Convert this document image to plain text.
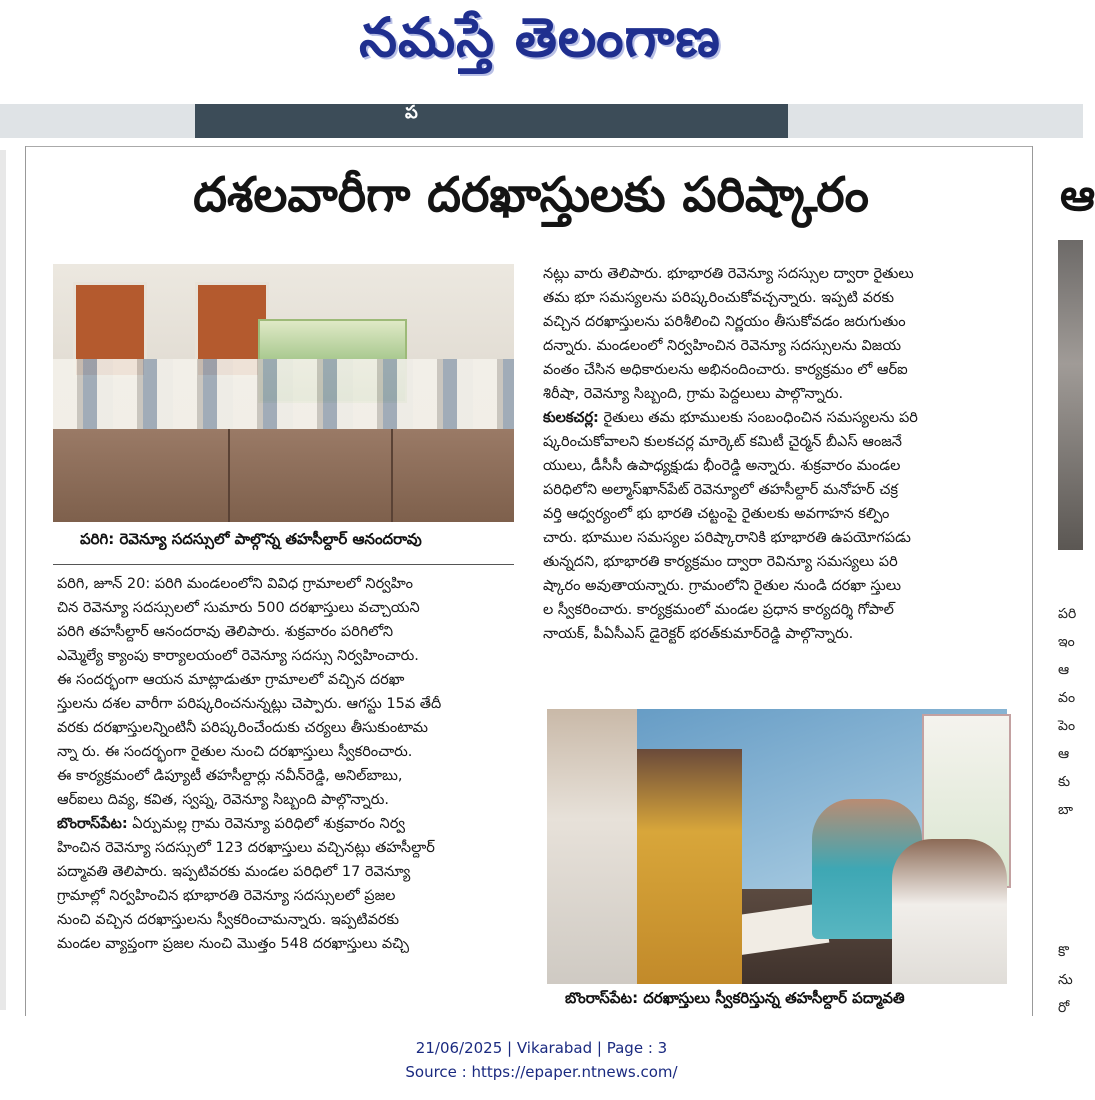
నమస్తే తెలంగాణ
ప
ఆ
పరి
ఇం
ఆ
వం
పెం
ఆ
కు
బా
కొ
ను
రో
దశలవారీగా దరఖాస్తులకు పరిష్కారం
పరిగి: రెవెన్యూ సదస్సులో పాల్గొన్న తహసీల్దార్ ఆనందరావు

పరిగి, జూన్ 20: పరిగి మండలంలోని వివిధ గ్రామాలలో నిర్వహిం

చిన రెవెన్యూ సదస్సులలో సుమారు 500 దరఖాస్తులు వచ్చాయని

పరిగి తహసీల్దార్ ఆనందరావు తెలిపారు. శుక్రవారం పరిగిలోని

ఎమ్మెల్యే క్యాంపు కార్యాలయంలో రెవెన్యూ సదస్సు నిర్వహించారు.

ఈ సందర్భంగా ఆయన మాట్లాడుతూ గ్రామాలలో వచ్చిన దరఖా

స్తులను దశల వారీగా పరిష్కరించనున్నట్లు చెప్పారు. ఆగస్టు 15వ తేదీ

వరకు దరఖాస్తులన్నింటినీ పరిష్కరించేందుకు చర్యలు తీసుకుంటామ

న్నా రు. ఈ సందర్భంగా రైతుల నుంచి దరఖాస్తులు స్వీకరించారు.

ఈ కార్యక్రమంలో డిప్యూటీ తహసీల్దార్లు నవీన్‌రెడ్డి, అనిల్‌బాబు,

ఆర్‌ఐలు దివ్య, కవిత, స్వప్న, రెవెన్యూ సిబ్బంది పాల్గొన్నారు.

బొంరాస్‌పేట: ఏర్పుమల్ల గ్రామ రెవెన్యూ పరిధిలో శుక్రవారం నిర్వ

హించిన రెవెన్యూ సదస్సులో 123 దరఖాస్తులు వచ్చినట్లు తహసీల్దార్

పద్మావతి తెలిపారు. ఇప్పటివరకు మండల పరిధిలో 17 రెవెన్యూ

గ్రామాల్లో నిర్వహించిన భూభారతి రెవెన్యూ సదస్సులలో ప్రజల

నుంచి వచ్చిన దరఖాస్తులను స్వీకరించామన్నారు. ఇప్పటివరకు

మండల వ్యాప్తంగా ప్రజల నుంచి మొత్తం 548 దరఖాస్తులు వచ్చి

నట్లు వారు తెలిపారు. భూభారతి రెవెన్యూ సదస్సుల ద్వారా రైతులు

తమ భూ సమస్యలను పరిష్కరించుకోవచ్చన్నారు. ఇప్పటి వరకు

వచ్చిన దరఖాస్తులను పరిశీలించి నిర్ణయం తీసుకోవడం జరుగుతుం

దన్నారు. మండలంలో నిర్వహించిన రెవెన్యూ సదస్సులను విజయ

వంతం చేసిన అధికారులను అభినందించారు. కార్యక్రమం లో ఆర్ఐ

శిరీషా, రెవెన్యూ సిబ్బంది, గ్రామ పెద్దలులు పాల్గొన్నారు.

కులకచర్ల: రైతులు తమ భూములకు సంబంధించిన సమస్యలను పరి

ష్కరించుకోవాలని కులకచర్ల మార్కెట్ కమిటీ చైర్మన్ బీఎస్ ఆంజనే

యులు, డీసీసీ ఉపాధ్యక్షుడు భీంరెడ్డి అన్నారు. శుక్రవారం మండల

పరిధిలోని అల్మాస్‌ఖాన్‌పేట్ రెవెన్యూలో తహసీల్దార్ మనోహర్ చక్ర

వర్తి ఆధ్వర్యంలో భు భారతి చట్టంపై రైతులకు అవగాహన కల్పిం

చారు. భూముల సమస్యల పరిష్కారానికి భూభారతి ఉపయోగపడు

తున్నదని, భూభారతి కార్యక్రమం ద్వారా రెవిన్యూ సమస్యలు పరి

ష్కారం అవుతాయన్నారు. గ్రామంలోని రైతుల నుండి దరఖా స్తులు

ల స్వీకరించారు. కార్యక్రమంలో మండల ప్రధాన కార్యదర్శి గోపాల్

నాయక్, పీఏసీఎస్ డైరెక్టర్ భరత్‌కుమార్‌రెడ్డి పాల్గొన్నారు.

బొంరాస్‌పేట: దరఖాస్తులు స్వీకరిస్తున్న తహసీల్దార్ పద్మావతి
21/06/2025 | Vikarabad | Page : 3
Source : https://epaper.ntnews.com/
